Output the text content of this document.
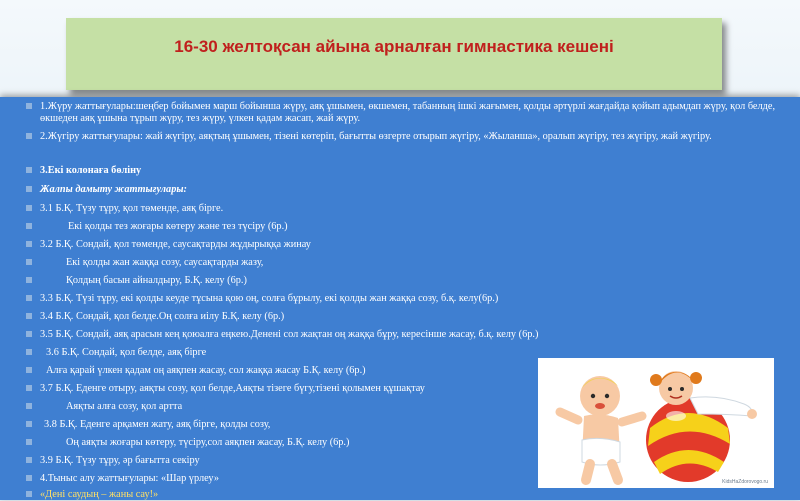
16-30 желтоқсан айына арналған гимнастика кешені
1.Жүру жаттығулары:шеңбер бойымен марш бойынша жүру, аяқ ұшымен, өкшемен, табанның ішкі жағымен, қолды әртүрлі жағдайда қойып адымдап жүру, қол белде, өкшеден аяқ ұшына тұрып жүру, тез жүру, үлкен қадам жасап, жай жүру.
2.Жүгіру жаттығулары: жай жүгіру, аяқтың ұшымен, тізені көтеріп, бағытты өзгерте отырып жүгіру, «Жыланша», оралып жүгіру, тез жүгіру, жай жүгіру.
3.Екі колонаға бөліну
Жалпы дамыту жаттығулары:
3.1 Б.Қ. Түзу тұру, қол төменде, аяқ бірге.
Екі қолды тез жоғары көтеру және тез түсіру (6р.)
3.2 Б.Қ. Сондай, қол төменде, саусақтарды жұдырыққа жинау
Екі қолды жан жаққа созу, саусақтарды жазу,
Қолдың басын айналдыру, Б.Қ. келу (6р.)
3.3 Б.Қ. Түзі тұру, екі қолды кеуде тұсына қою оң, солға бұрылу, екі қолды жан жаққа созу, б.қ. келу(6р.)
3.4 Б.Қ. Сондай, қол белде.Оң солға иілу Б.Қ. келу (6р.)
3.5 Б.Қ. Сондай, аяқ арасын кең қоюалға еңкею.Денені сол жақтан оң жаққа бұру, кересінше жасау, б.қ. келу (6р.)
3.6 Б.Қ. Сондай, қол белде, аяқ бірге
Алға қарай үлкен қадам оң аяқпен жасау, сол жаққа жасау Б.Қ. келу (6р.)
3.7 Б.Қ. Еденге отыру, аяқты созу, қол белде,Аяқты тізеге бүгу,тізені қолымен құшақтау
Аяқты алға созу, қол артта
3.8 Б.Қ. Еденге арқамен жату, аяқ бірге, қолды созу,
Оң аяқты жоғары көтеру, түсіру,сол аяқпен жасау, Б.Қ. келу (6р.)
3.9 Б.Қ. Түзу тұру, әр бағытта секіру
4.Тыныс алу жаттығулары: «Шар үрлеу»
«Дені саудың – жаны сау!»
KidsHaZdorovogo.ru
